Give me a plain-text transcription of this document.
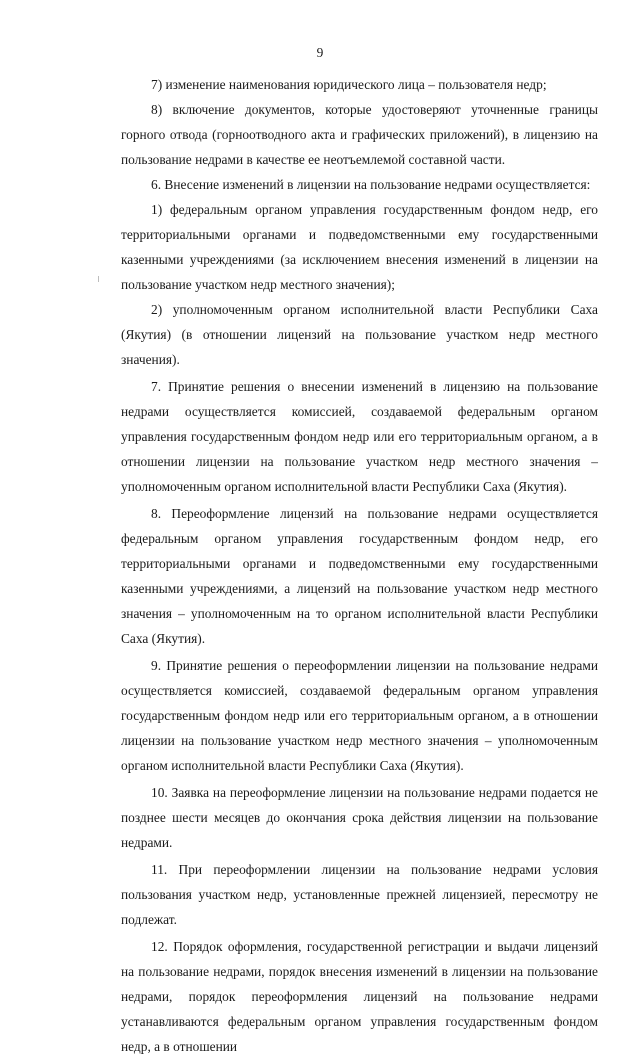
9

7) изменение наименования юридического лица – пользователя недр;

8) включение документов, которые удостоверяют уточненные границы горного отвода (горноотводного акта и графических приложений), в лицензию на пользование недрами в качестве ее неотъемлемой составной части.

6. Внесение изменений в лицензии на пользование недрами осуществляется:

1) федеральным органом управления государственным фондом недр, его территориальными органами и подведомственными ему государственными казенными учреждениями (за исключением внесения изменений в лицензии на пользование участком недр местного значения);

2) уполномоченным органом исполнительной власти Республики Саха (Якутия) (в отношении лицензий на пользование участком недр местного значения).

7. Принятие решения о внесении изменений в лицензию на пользование недрами осуществляется комиссией, создаваемой федеральным органом управления государственным фондом недр или его территориальным органом, а в отношении лицензии на пользование участком недр местного значения – уполномоченным органом исполнительной власти Республики Саха (Якутия).

8. Переоформление лицензий на пользование недрами осуществляется федеральным органом управления государственным фондом недр, его территориальными органами и подведомственными ему государственными казенными учреждениями, а лицензий на пользование участком недр местного значения – уполномоченным на то органом исполнительной власти Республики Саха (Якутия).

9. Принятие решения о переоформлении лицензии на пользование недрами осуществляется комиссией, создаваемой федеральным органом управления государственным фондом недр или его территориальным органом, а в отношении лицензии на пользование участком недр местного значения – уполномоченным органом исполнительной власти Республики Саха (Якутия).

10. Заявка на переоформление лицензии на пользование недрами подается не позднее шести месяцев до окончания срока действия лицензии на пользование недрами.

11. При переоформлении лицензии на пользование недрами условия пользования участком недр, установленные прежней лицензией, пересмотру не подлежат.

12. Порядок оформления, государственной регистрации и выдачи лицензий на пользование недрами, порядок внесения изменений в лицензии на пользование недрами, порядок переоформления лицензий на пользование недрами устанавливаются федеральным органом управления государственным фондом недр, а в отношении
